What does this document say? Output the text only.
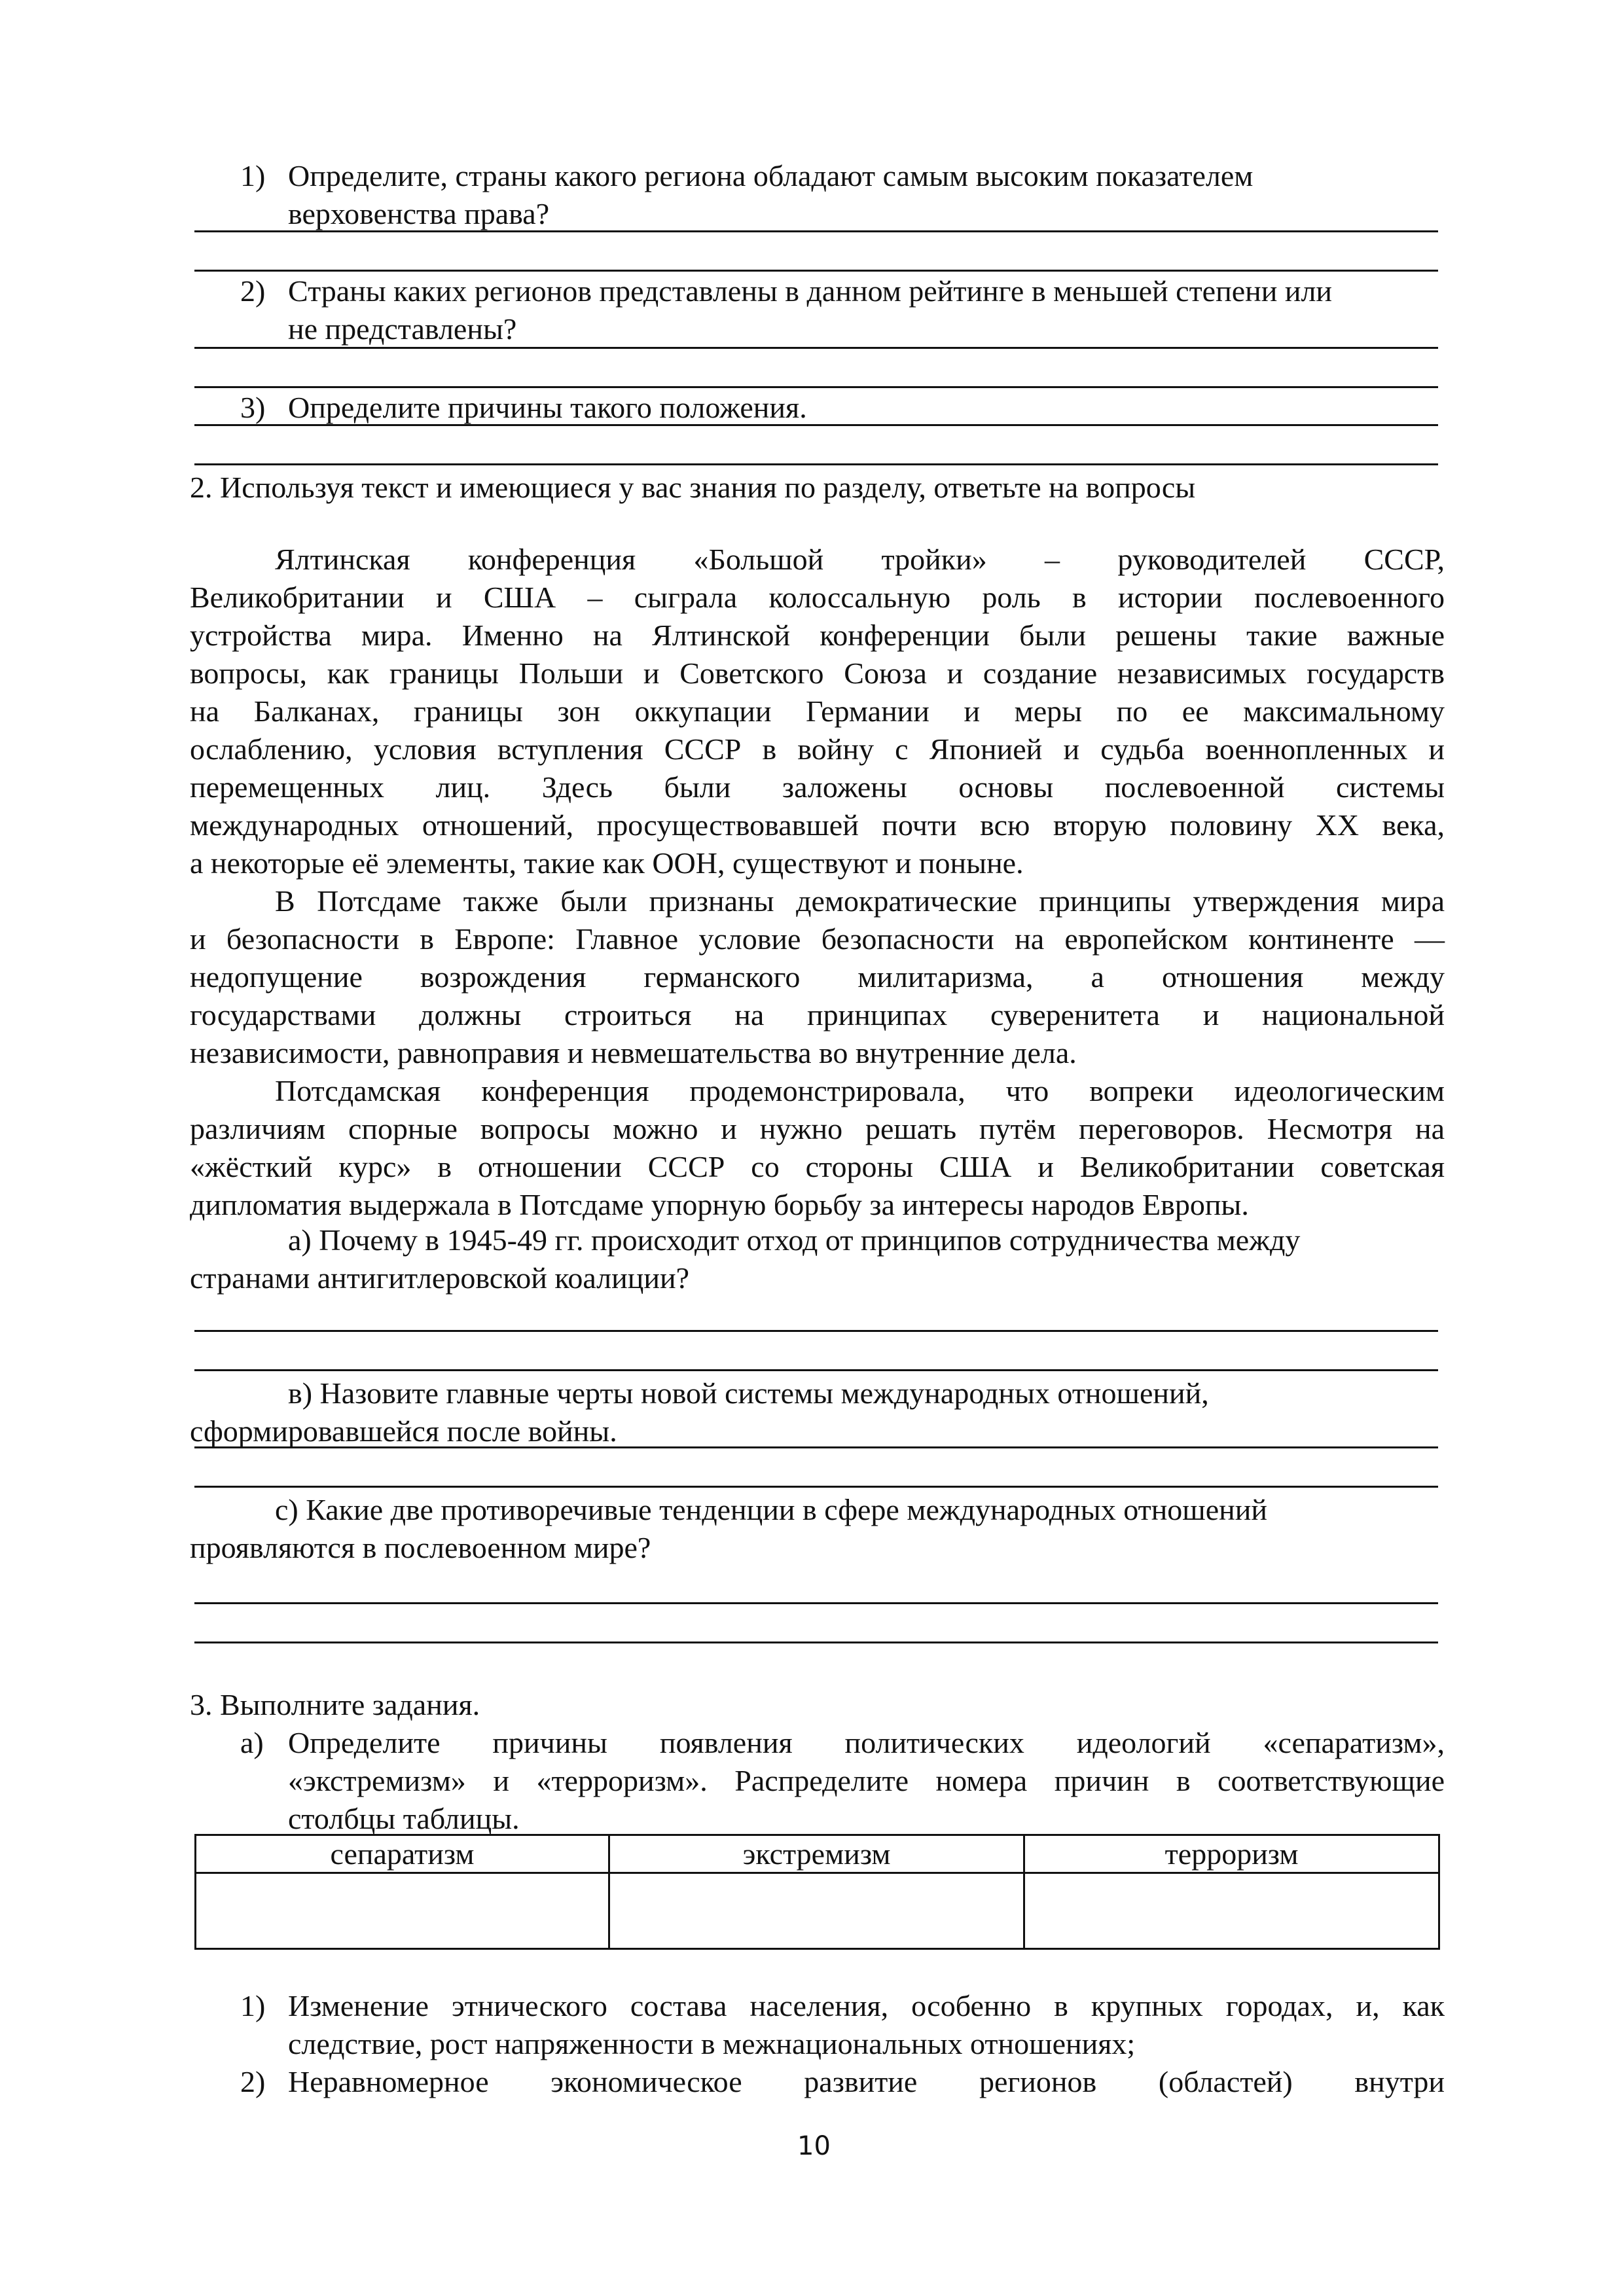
1) Определите, страны какого региона обладают самым высоким показателем
верховенства права?
2) Страны каких регионов представлены в данном рейтинге в меньшей степени или
не представлены?
3) Определите причины такого положения.
2. Используя текст и имеющиеся у вас знания по разделу, ответьте на вопросы
Ялтинская конференция «Большой тройки» – руководителей СССР,
Великобритании и США – сыграла колоссальную роль в истории послевоенного
устройства мира. Именно на Ялтинской конференции были решены такие важные
вопросы, как границы Польши и Советского Союза и создание независимых государств
на Балканах, границы зон оккупации Германии и меры по ее максимальному
ослаблению, условия вступления СССР в войну с Японией и судьба военнопленных и
перемещенных лиц. Здесь были заложены основы послевоенной системы
международных отношений, просуществовавшей почти всю вторую половину XX века,
а некоторые её элементы, такие как ООН, существуют и поныне.
В Потсдаме также были признаны демократические принципы утверждения мира
и безопасности в Европе: Главное условие безопасности на европейском континенте —
недопущение возрождения германского милитаризма, а отношения между
государствами должны строиться на принципах суверенитета и национальной
независимости, равноправия и невмешательства во внутренние дела.
Потсдамская конференция продемонстрировала, что вопреки идеологическим
различиям спорные вопросы можно и нужно решать путём переговоров. Несмотря на
«жёсткий курс» в отношении СССР со стороны США и Великобритании советская
дипломатия выдержала в Потсдаме упорную борьбу за интересы народов Европы.
а) Почему в 1945-49 гг. происходит отход от принципов сотрудничества между
странами антигитлеровской коалиции?
в) Назовите главные черты новой системы международных отношений,
сформировавшейся после войны.
с) Какие две противоречивые тенденции в сфере международных отношений
проявляются в послевоенном мире?
3. Выполните задания.
а) Определите причины появления политических идеологий «сепаратизм»,
«экстремизм» и «терроризм». Распределите номера причин в соответствующие
столбцы таблицы.
сепаратизм	экстремизм	терроризм

1) Изменение этнического состава населения, особенно в крупных городах, и, как
следствие, рост напряженности в межнациональных отношениях;
2) Неравномерное экономическое развитие регионов (областей) внутри
10
